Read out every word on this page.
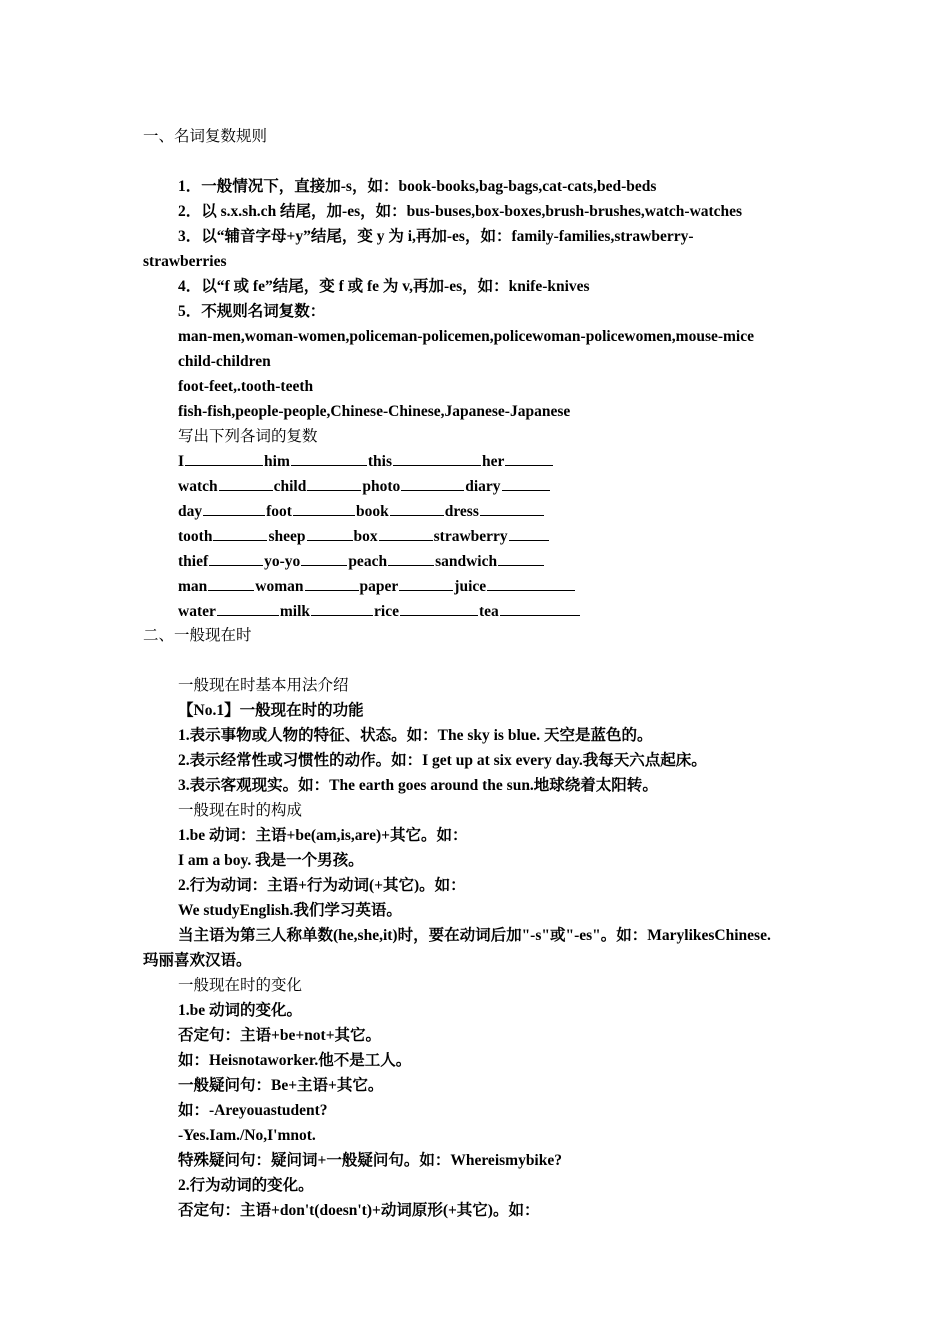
一、名词复数规则
1．一般情况下，直接加-s，如：book-books,bag-bags,cat-cats,bed-beds
2．以 s.x.sh.ch 结尾，加-es，如：bus-buses,box-boxes,brush-brushes,watch-watches
3．以“辅音字母+y”结尾，变 y 为 i,再加-es，如：family-families,strawberry-
strawberries
4．以“f 或 fe”结尾，变 f 或 fe 为 v,再加-es，如：knife-knives
5．不规则名词复数：
man-men,woman-women,policeman-policemen,policewoman-policewomen,mouse-mice
child-children
foot-feet,.tooth-teeth
fish-fish,people-people,Chinese-Chinese,Japanese-Japanese
写出下列各词的复数
I	him	this	her
watch	child	photo	diary
day	foot	book	dress
tooth	sheep	box	strawberry
thief	yo-yo	peach	sandwich
man	woman	paper	juice
water	milk	rice	tea
二、一般现在时
一般现在时基本用法介绍
【No.1】一般现在时的功能
1.表示事物或人物的特征、状态。如：The sky is blue. 天空是蓝色的。
2.表示经常性或习惯性的动作。如：I get up at six every day.我每天六点起床。
3.表示客观现实。如：The earth goes around the sun.地球绕着太阳转。
一般现在时的构成
1.be 动词：主语+be(am,is,are)+其它。如：
I am a boy. 我是一个男孩。
2.行为动词：主语+行为动词(+其它)。如：
We studyEnglish.我们学习英语。
当主语为第三人称单数(he,she,it)时，要在动词后加"-s"或"-es"。如：MarylikesChinese.
玛丽喜欢汉语。
一般现在时的变化
1.be 动词的变化。
否定句：主语+be+not+其它。
如：Heisnotaworker.他不是工人。
一般疑问句：Be+主语+其它。
如：-Areyouastudent?
-Yes.Iam./No,I'mnot.
特殊疑问句：疑问词+一般疑问句。如：Whereismybike?
2.行为动词的变化。
否定句：主语+don't(doesn't)+动词原形(+其它)。如：
